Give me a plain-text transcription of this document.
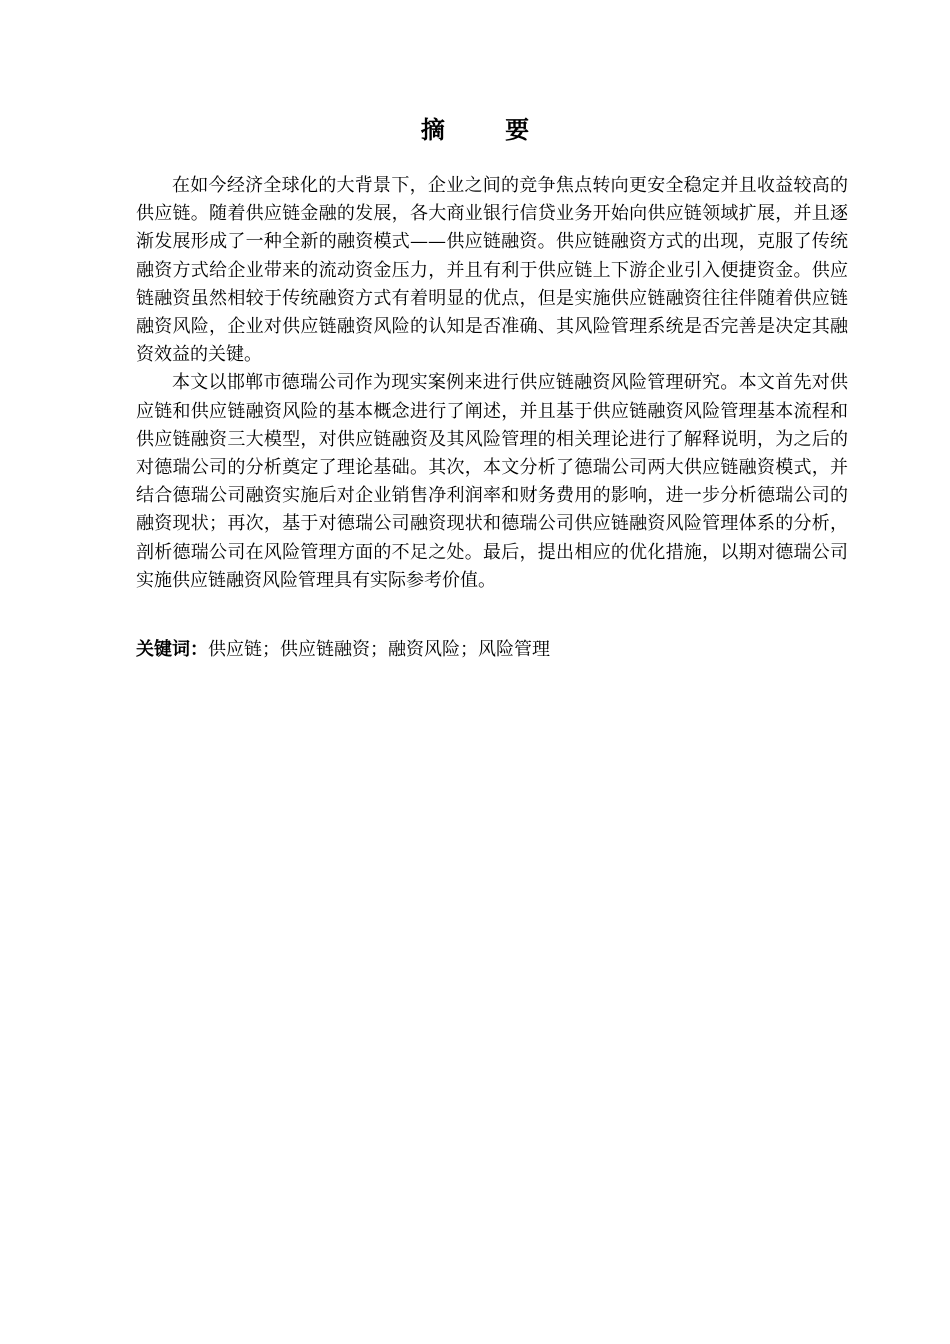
摘 要

在如今经济全球化的大背景下，企业之间的竞争焦点转向更安全稳定并且收益较高的供应链。随着供应链金融的发展，各大商业银行信贷业务开始向供应链领域扩展，并且逐渐发展形成了一种全新的融资模式——供应链融资。供应链融资方式的出现，克服了传统融资方式给企业带来的流动资金压力，并且有利于供应链上下游企业引入便捷资金。供应链融资虽然相较于传统融资方式有着明显的优点，但是实施供应链融资往往伴随着供应链融资风险，企业对供应链融资风险的认知是否准确、其风险管理系统是否完善是决定其融资效益的关键。

本文以邯郸市德瑞公司作为现实案例来进行供应链融资风险管理研究。本文首先对供应链和供应链融资风险的基本概念进行了阐述，并且基于供应链融资风险管理基本流程和供应链融资三大模型，对供应链融资及其风险管理的相关理论进行了解释说明，为之后的对德瑞公司的分析奠定了理论基础。其次，本文分析了德瑞公司两大供应链融资模式，并结合德瑞公司融资实施后对企业销售净利润率和财务费用的影响，进一步分析德瑞公司的融资现状；再次，基于对德瑞公司融资现状和德瑞公司供应链融资风险管理体系的分析，剖析德瑞公司在风险管理方面的不足之处。最后，提出相应的优化措施，以期对德瑞公司实施供应链融资风险管理具有实际参考价值。

关键词：供应链；供应链融资；融资风险；风险管理
